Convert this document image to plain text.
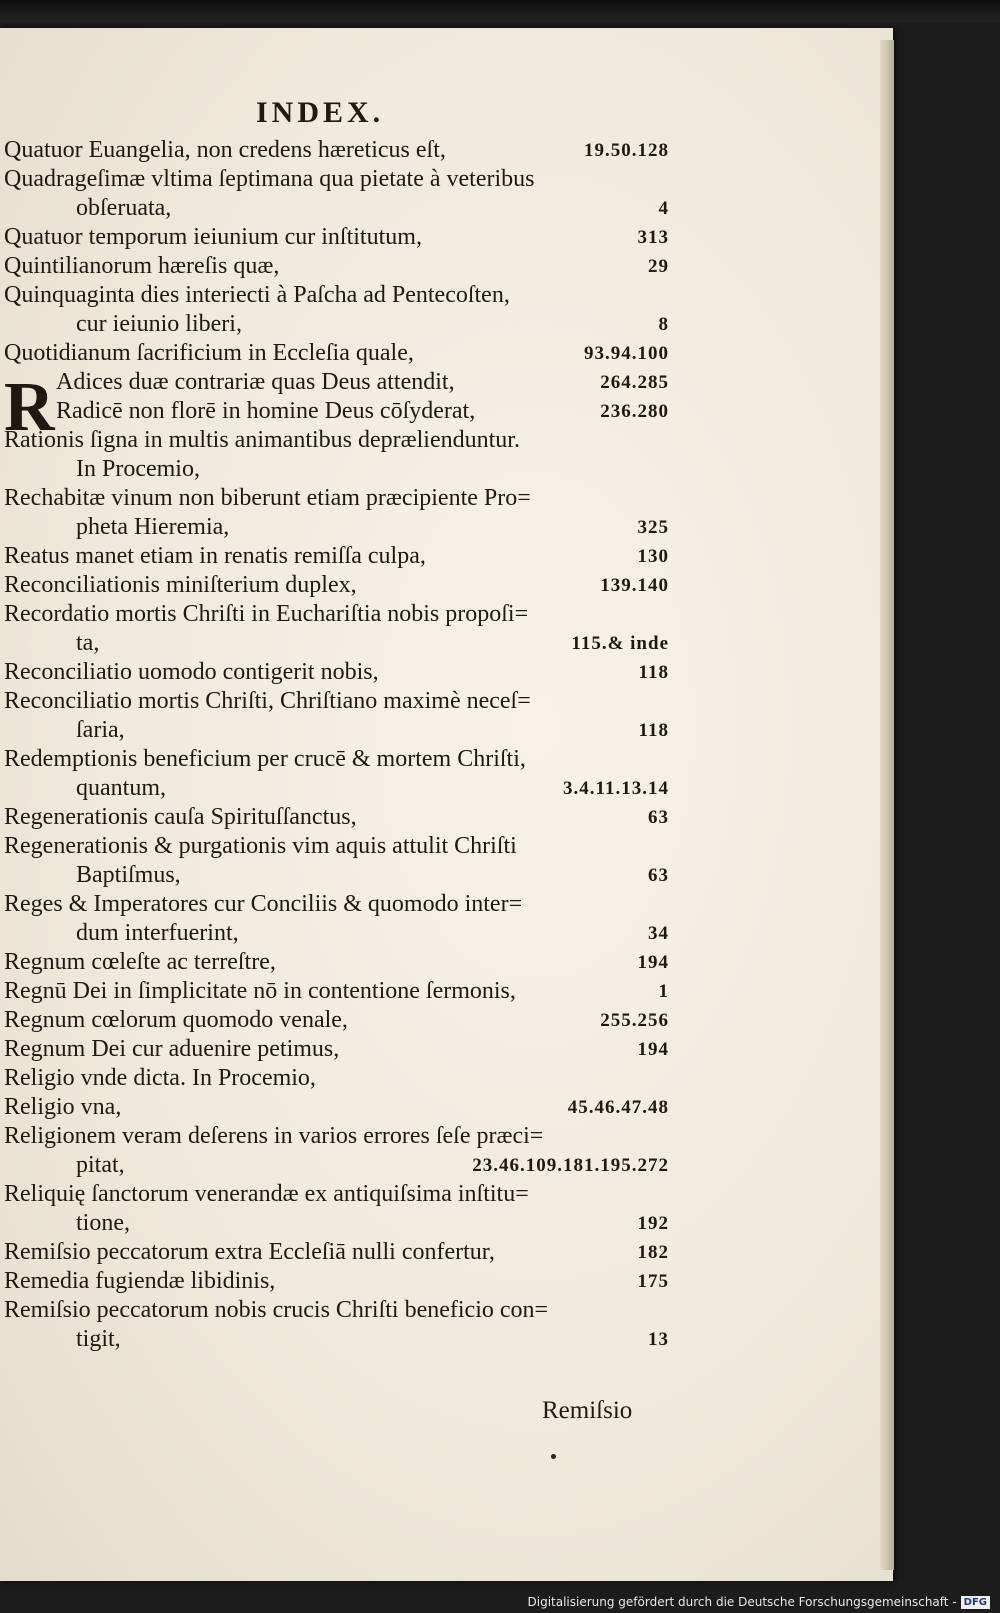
INDEX.
R
Quatuor Euangelia, non credens hæreticus eſt,	19.50.128
Quadrageſimæ vltima ſeptimana qua pietate à veteribus
obſeruata,	4
Quatuor temporum ieiunium cur inſtitutum,	313
Quintilianorum hæreſis quæ,	29
Quinquaginta dies interiecti à Paſcha ad Pentecoſten,
cur ieiunio liberi,	8
Quotidianum ſacrificium in Eccleſia quale,	93.94.100
Adices duæ contrariæ quas Deus attendit,	264.285
Radicē non florē in homine Deus cōſyderat,	236.280
Rationis ſigna in multis animantibus deprælienduntur.
In Procemio,
Rechabitæ vinum non biberunt etiam præcipiente Pro=
pheta Hieremia,	325
Reatus manet etiam in renatis remiſſa culpa,	130
Reconciliationis miniſterium duplex,	139.140
Recordatio mortis Chriſti in Euchariſtia nobis propoſi=
ta,	115.& inde
Reconciliatio uomodo contigerit nobis,	118
Reconciliatio mortis Chriſti, Chriſtiano maximè neceſ=
ſaria,	118
Redemptionis beneficium per crucē & mortem Chriſti,
quantum,	3.4.11.13.14
Regenerationis cauſa Spirituſſanctus,	63
Regenerationis & purgationis vim aquis attulit Chriſti
Baptiſmus,	63
Reges & Imperatores cur Conciliis & quomodo inter=
dum interfuerint,	34
Regnum cœleſte ac terreſtre,	194
Regnū Dei in ſimplicitate nō in contentione ſermonis,	1
Regnum cœlorum quomodo venale,	255.256
Regnum Dei cur aduenire petimus,	194
Religio vnde dicta. In Procemio,
Religio vna,	45.46.47.48
Religionem veram deſerens in varios errores ſeſe præci=
pitat,	23.46.109.181.195.272
Reliquię ſanctorum venerandæ ex antiquiſsima inſtitu=
tione,	192
Remiſsio peccatorum extra Eccleſiā nulli confertur,	182
Remedia fugiendæ libidinis,	175
Remiſsio peccatorum nobis crucis Chriſti beneficio con=
tigit,	13
Remiſsio
Digitalisierung gefördert durch die Deutsche Forschungsgemeinschaft - DFG
